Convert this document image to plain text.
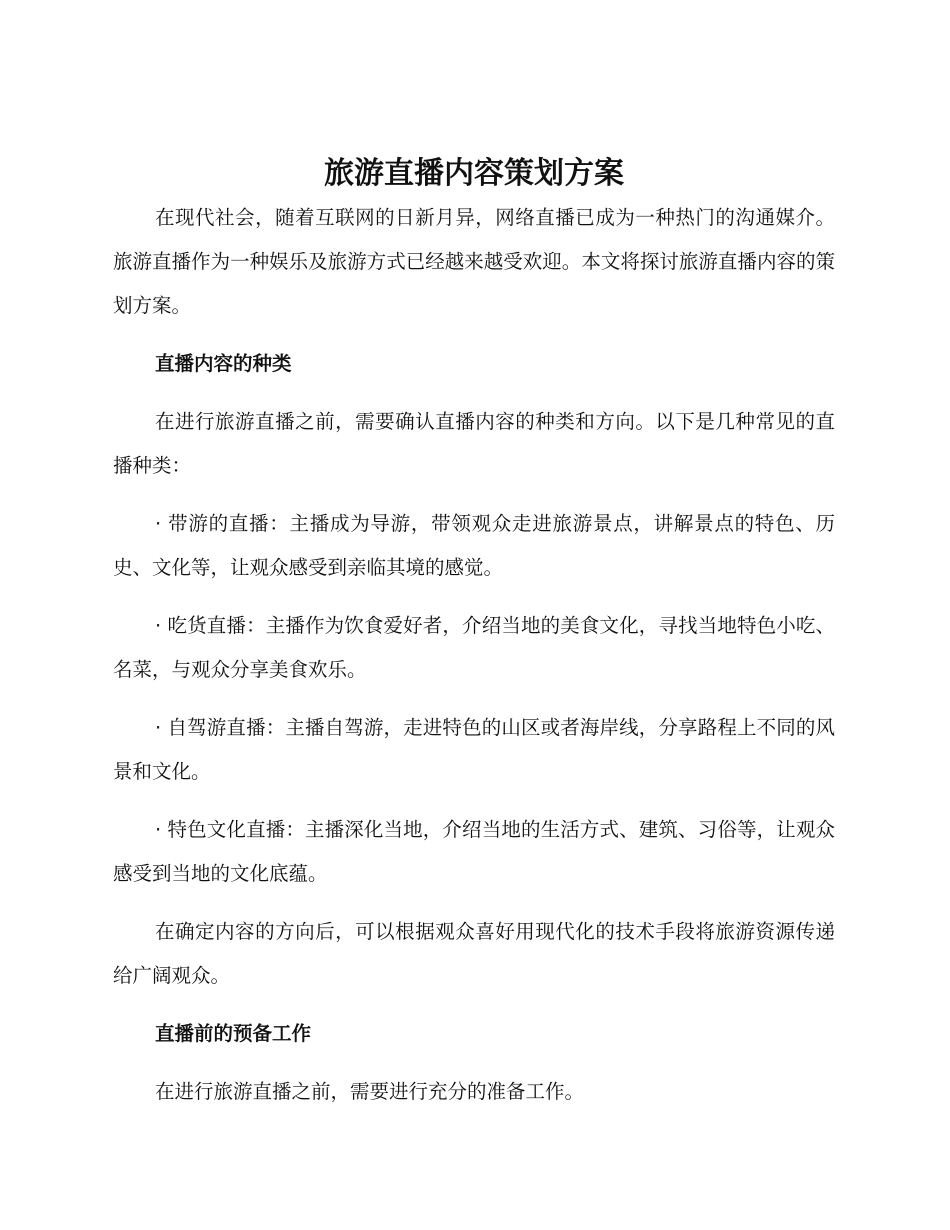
旅游直播内容策划方案

在现代社会，随着互联网的日新月异，网络直播已成为一种热门的沟通媒介。旅游直播作为一种娱乐及旅游方式已经越来越受欢迎。本文将探讨旅游直播内容的策划方案。

直播内容的种类

在进行旅游直播之前，需要确认直播内容的种类和方向。以下是几种常见的直播种类：

· 带游的直播：主播成为导游，带领观众走进旅游景点，讲解景点的特色、历史、文化等，让观众感受到亲临其境的感觉。

· 吃货直播：主播作为饮食爱好者，介绍当地的美食文化，寻找当地特色小吃、名菜，与观众分享美食欢乐。

· 自驾游直播：主播自驾游，走进特色的山区或者海岸线，分享路程上不同的风景和文化。

· 特色文化直播：主播深化当地，介绍当地的生活方式、建筑、习俗等，让观众感受到当地的文化底蕴。

在确定内容的方向后，可以根据观众喜好用现代化的技术手段将旅游资源传递给广阔观众。

直播前的预备工作

在进行旅游直播之前，需要进行充分的准备工作。
